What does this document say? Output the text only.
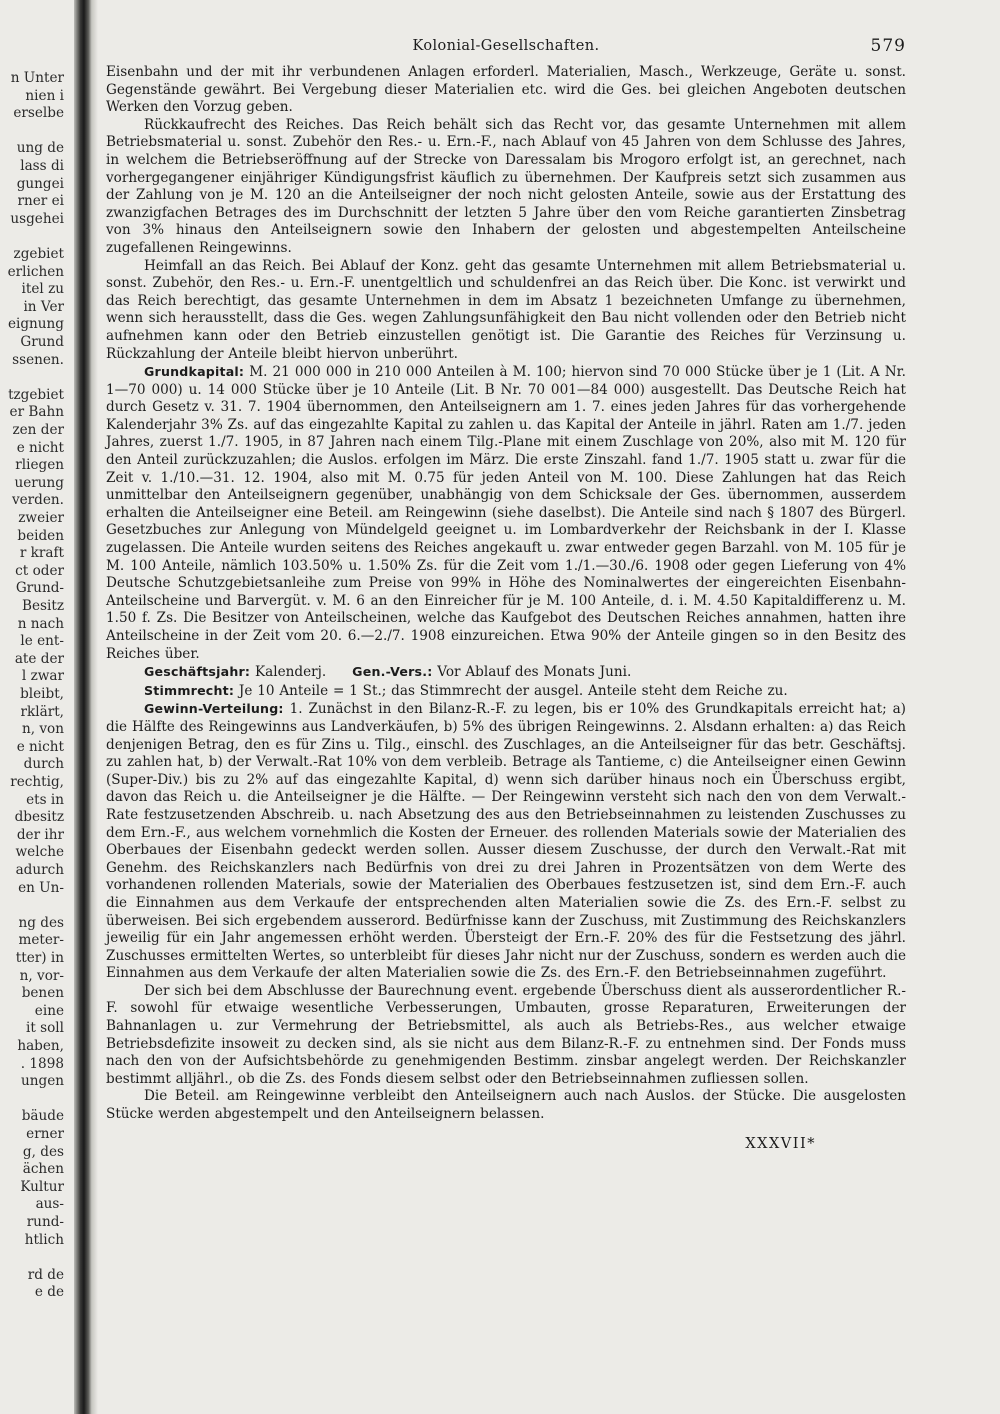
n Unter
nien i
erselbe
ung de
lass di
gungei
rner ei
usgehei
zgebiet
erlichen
itel zu
in Ver
eignung
Grund
ssenen.
tzgebiet
er Bahn
zen der
e nicht
rliegen
uerung
verden.
zweier
beiden
r kraft
ct oder
Grund-
Besitz
n nach
le ent-
ate der
l zwar
bleibt,
rklärt,
n, von
e nicht
durch
rechtig,
ets in
dbesitz
der ihr
welche
adurch
en Un-
ng des
meter-
tter) in
n, vor-
benen
eine
it soll
haben,
. 1898
ungen
bäude
erner
g, des
ächen
Kultur
aus-
rund-
htlich
rd de
e de
Kolonial-Gesellschaften.	579

Eisenbahn und der mit ihr verbundenen Anlagen erforderl. Materialien, Masch., Werkzeuge, Geräte u. sonst. Gegenstände gewährt. Bei Vergebung dieser Materialien etc. wird die Ges. bei gleichen Angeboten deutschen Werken den Vorzug geben.

Rückkaufrecht des Reiches. Das Reich behält sich das Recht vor, das gesamte Unternehmen mit allem Betriebsmaterial u. sonst. Zubehör den Res.- u. Ern.-F., nach Ablauf von 45 Jahren von dem Schlusse des Jahres, in welchem die Betriebseröffnung auf der Strecke von Daressalam bis Mrogoro erfolgt ist, an gerechnet, nach vorhergegangener einjähriger Kündigungsfrist käuflich zu übernehmen. Der Kaufpreis setzt sich zusammen aus der Zahlung von je M. 120 an die Anteilseigner der noch nicht gelosten Anteile, sowie aus der Erstattung des zwanzigfachen Betrages des im Durchschnitt der letzten 5 Jahre über den vom Reiche garantierten Zinsbetrag von 3% hinaus den Anteilseignern sowie den Inhabern der gelosten und abgestempelten Anteilscheine zugefallenen Reingewinns.

Heimfall an das Reich. Bei Ablauf der Konz. geht das gesamte Unternehmen mit allem Betriebsmaterial u. sonst. Zubehör, den Res.- u. Ern.-F. unentgeltlich und schuldenfrei an das Reich über. Die Konc. ist verwirkt und das Reich berechtigt, das gesamte Unternehmen in dem im Absatz 1 bezeichneten Umfange zu übernehmen, wenn sich herausstellt, dass die Ges. wegen Zahlungsunfähigkeit den Bau nicht vollenden oder den Betrieb nicht aufnehmen kann oder den Betrieb einzustellen genötigt ist. Die Garantie des Reiches für Verzinsung u. Rückzahlung der Anteile bleibt hiervon unberührt.

Grundkapital: M. 21 000 000 in 210 000 Anteilen à M. 100; hiervon sind 70 000 Stücke über je 1 (Lit. A Nr. 1—70 000) u. 14 000 Stücke über je 10 Anteile (Lit. B Nr. 70 001—84 000) ausgestellt. Das Deutsche Reich hat durch Gesetz v. 31. 7. 1904 übernommen, den Anteilseignern am 1. 7. eines jeden Jahres für das vorhergehende Kalenderjahr 3% Zs. auf das eingezahlte Kapital zu zahlen u. das Kapital der Anteile in jährl. Raten am 1./7. jeden Jahres, zuerst 1./7. 1905, in 87 Jahren nach einem Tilg.-Plane mit einem Zuschlage von 20%, also mit M. 120 für den Anteil zurückzuzahlen; die Auslos. erfolgen im März. Die erste Zinszahl. fand 1./7. 1905 statt u. zwar für die Zeit v. 1./10.—31. 12. 1904, also mit M. 0.75 für jeden Anteil von M. 100. Diese Zahlungen hat das Reich unmittelbar den Anteilseignern gegenüber, unabhängig von dem Schicksale der Ges. übernommen, ausserdem erhalten die Anteilseigner eine Beteil. am Reingewinn (siehe daselbst). Die Anteile sind nach § 1807 des Bürgerl. Gesetzbuches zur Anlegung von Mündelgeld geeignet u. im Lombardverkehr der Reichsbank in der I. Klasse zugelassen. Die Anteile wurden seitens des Reiches angekauft u. zwar entweder gegen Barzahl. von M. 105 für je M. 100 Anteile, nämlich 103.50% u. 1.50% Zs. für die Zeit vom 1./1.—30./6. 1908 oder gegen Lieferung von 4% Deutsche Schutzgebietsanleihe zum Preise von 99% in Höhe des Nominalwertes der eingereichten Eisenbahn-Anteilscheine und Barvergüt. v. M. 6 an den Einreicher für je M. 100 Anteile, d. i. M. 4.50 Kapitaldifferenz u. M. 1.50 f. Zs. Die Besitzer von Anteilscheinen, welche das Kaufgebot des Deutschen Reiches annahmen, hatten ihre Anteilscheine in der Zeit vom 20. 6.—2./7. 1908 einzureichen. Etwa 90% der Anteile gingen so in den Besitz des Reiches über.

Geschäftsjahr: Kalenderj. Gen.-Vers.: Vor Ablauf des Monats Juni.

Stimmrecht: Je 10 Anteile = 1 St.; das Stimmrecht der ausgel. Anteile steht dem Reiche zu.

Gewinn-Verteilung: 1. Zunächst in den Bilanz-R.-F. zu legen, bis er 10% des Grundkapitals erreicht hat; a) die Hälfte des Reingewinns aus Landverkäufen, b) 5% des übrigen Reingewinns. 2. Alsdann erhalten: a) das Reich denjenigen Betrag, den es für Zins u. Tilg., einschl. des Zuschlages, an die Anteilseigner für das betr. Geschäftsj. zu zahlen hat, b) der Verwalt.-Rat 10% von dem verbleib. Betrage als Tantieme, c) die Anteilseigner einen Gewinn (Super-Div.) bis zu 2% auf das eingezahlte Kapital, d) wenn sich darüber hinaus noch ein Überschuss ergibt, davon das Reich u. die Anteilseigner je die Hälfte. — Der Reingewinn versteht sich nach den von dem Verwalt.-Rate festzusetzenden Abschreib. u. nach Absetzung des aus den Betriebseinnahmen zu leistenden Zuschusses zu dem Ern.-F., aus welchem vornehmlich die Kosten der Erneuer. des rollenden Materials sowie der Materialien des Oberbaues der Eisenbahn gedeckt werden sollen. Ausser diesem Zuschusse, der durch den Verwalt.-Rat mit Genehm. des Reichskanzlers nach Bedürfnis von drei zu drei Jahren in Prozentsätzen von dem Werte des vorhandenen rollenden Materials, sowie der Materialien des Oberbaues festzusetzen ist, sind dem Ern.-F. auch die Einnahmen aus dem Verkaufe der entsprechenden alten Materialien sowie die Zs. des Ern.-F. selbst zu überweisen. Bei sich ergebendem ausserord. Bedürfnisse kann der Zuschuss, mit Zustimmung des Reichskanzlers jeweilig für ein Jahr angemessen erhöht werden. Übersteigt der Ern.-F. 20% des für die Festsetzung des jährl. Zuschusses ermittelten Wertes, so unterbleibt für dieses Jahr nicht nur der Zuschuss, sondern es werden auch die Einnahmen aus dem Verkaufe der alten Materialien sowie die Zs. des Ern.-F. den Betriebseinnahmen zugeführt.

Der sich bei dem Abschlusse der Baurechnung event. ergebende Überschuss dient als ausserordentlicher R.-F. sowohl für etwaige wesentliche Verbesserungen, Umbauten, grosse Reparaturen, Erweiterungen der Bahnanlagen u. zur Vermehrung der Betriebsmittel, als auch als Betriebs-Res., aus welcher etwaige Betriebsdefizite insoweit zu decken sind, als sie nicht aus dem Bilanz-R.-F. zu entnehmen sind. Der Fonds muss nach den von der Aufsichtsbehörde zu genehmigenden Bestimm. zinsbar angelegt werden. Der Reichskanzler bestimmt alljährl., ob die Zs. des Fonds diesem selbst oder den Betriebseinnahmen zufliessen sollen.

Die Beteil. am Reingewinne verbleibt den Anteilseignern auch nach Auslos. der Stücke. Die ausgelosten Stücke werden abgestempelt und den Anteilseignern belassen.

XXXVII*
